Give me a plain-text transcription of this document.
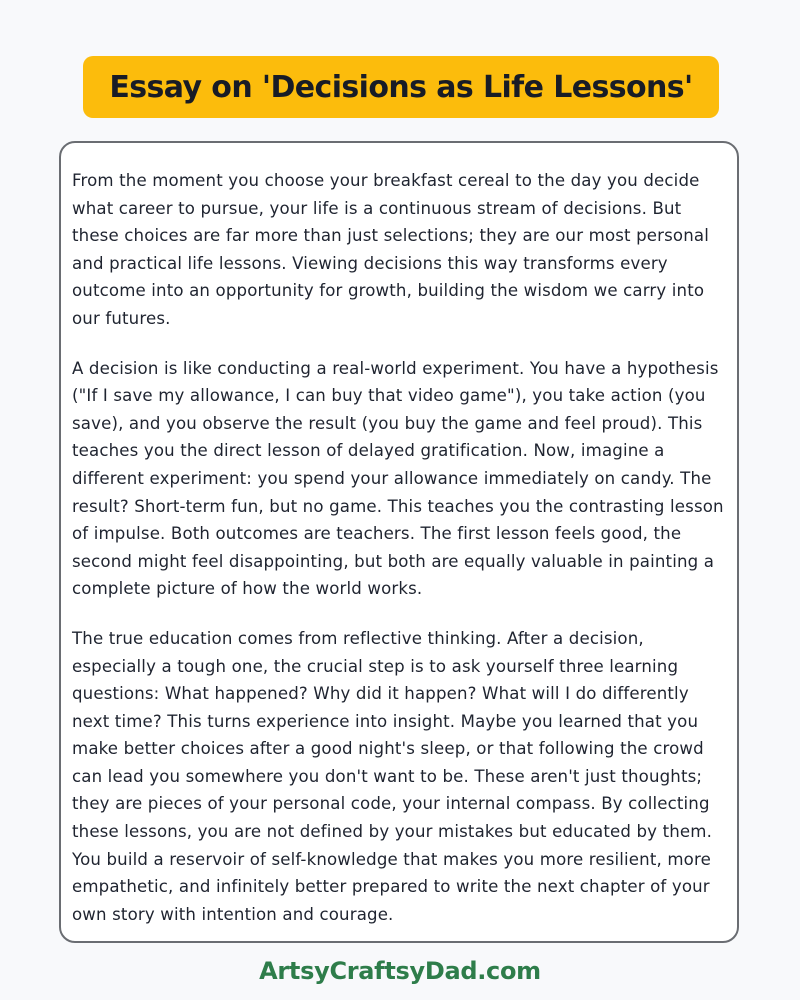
Essay on 'Decisions as Life Lessons'

From the moment you choose your breakfast cereal to the day you decide what career to pursue, your life is a continuous stream of decisions. But these choices are far more than just selections; they are our most personal and practical life lessons. Viewing decisions this way transforms every outcome into an opportunity for growth, building the wisdom we carry into our futures.

A decision is like conducting a real-world experiment. You have a hypothesis ("If I save my allowance, I can buy that video game"), you take action (you save), and you observe the result (you buy the game and feel proud). This teaches you the direct lesson of delayed gratification. Now, imagine a different experiment: you spend your allowance immediately on candy. The result? Short-term fun, but no game. This teaches you the contrasting lesson of impulse. Both outcomes are teachers. The first lesson feels good, the second might feel disappointing, but both are equally valuable in painting a complete picture of how the world works.

The true education comes from reflective thinking. After a decision, especially a tough one, the crucial step is to ask yourself three learning questions: What happened? Why did it happen? What will I do differently next time? This turns experience into insight. Maybe you learned that you make better choices after a good night's sleep, or that following the crowd can lead you somewhere you don't want to be. These aren't just thoughts; they are pieces of your personal code, your internal compass. By collecting these lessons, you are not defined by your mistakes but educated by them. You build a reservoir of self-knowledge that makes you more resilient, more empathetic, and infinitely better prepared to write the next chapter of your own story with intention and courage.

ArtsyCraftsyDad.com
